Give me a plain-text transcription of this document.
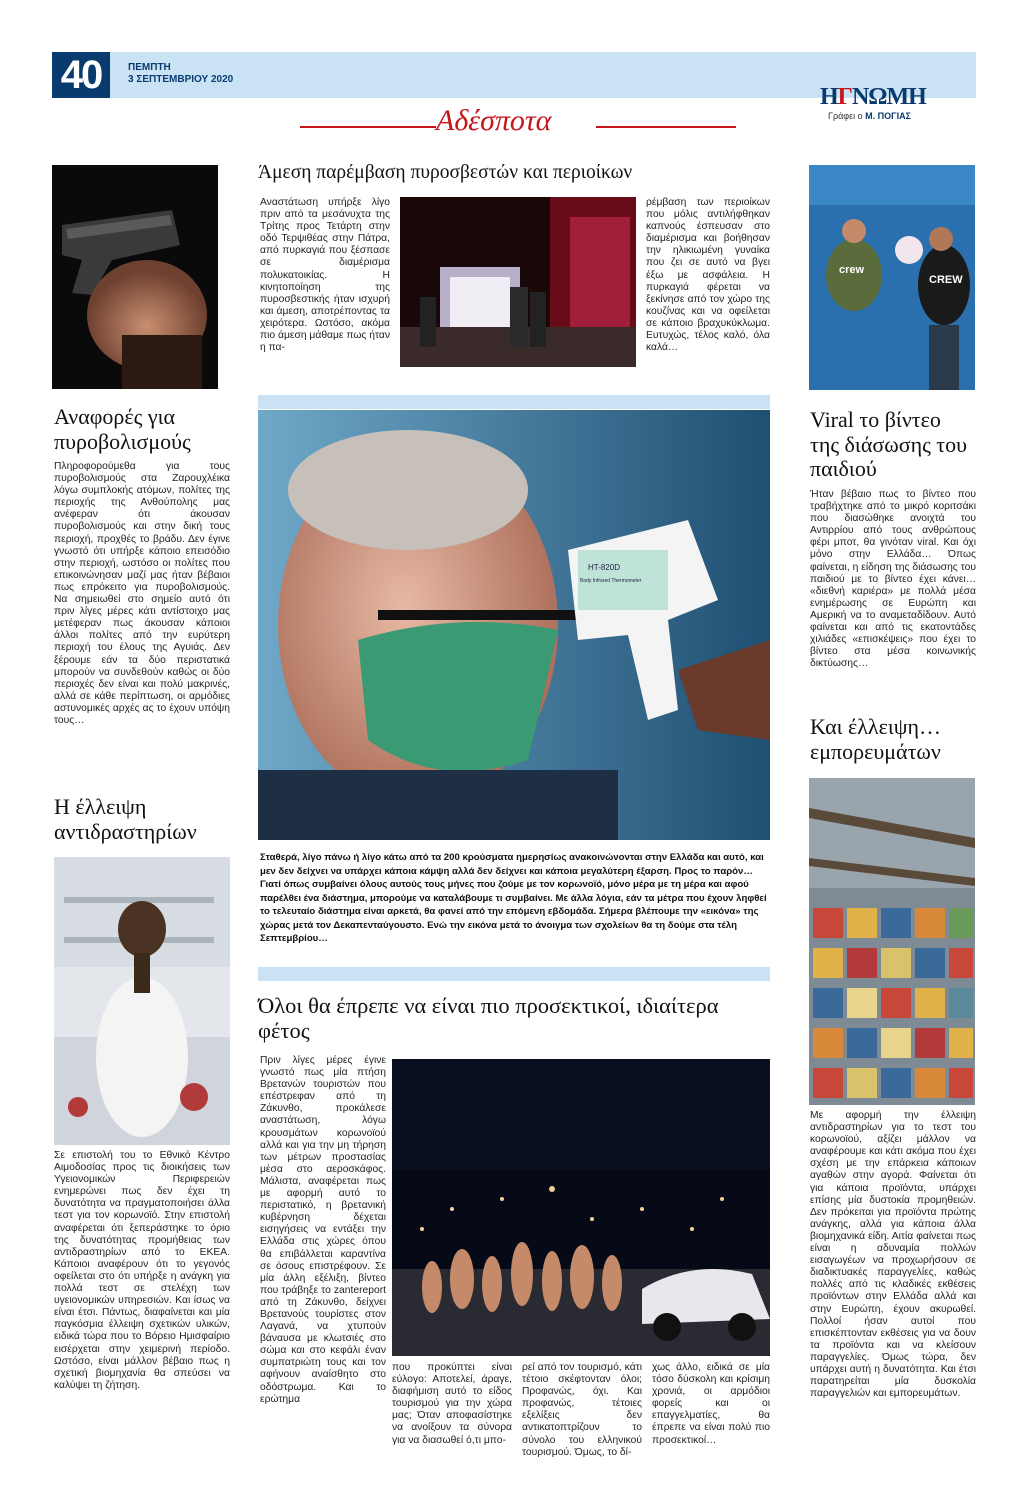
40	ΠΕΜΠΤΗ
3 ΣΕΠΤΕΜΒΡΙΟΥ 2020
ΗΓΝΩΜΗ
Γράφει ο Μ. ΠΟΓΙΑΣ
Αδέσποτα
Αναφορές για πυροβολισμούς
Πληροφορούμεθα για τους πυροβολισμούς στα Ζαρουχλέικα λόγω συμπλοκής ατόμων, πολίτες της περιοχής της Ανθούπολης μας ανέφεραν ότι άκουσαν πυροβολισμούς και στην δική τους περιοχή, προχθές το βράδυ. Δεν έγινε γνωστό ότι υπήρξε κάποιο επεισόδιο στην περιοχή, ωστόσο οι πολίτες που επικοινώνησαν μαζί μας ήταν βέβαιοι πως επρόκειτο για πυροβολισμούς. Να σημειωθεί στο σημείο αυτό ότι πριν λίγες μέρες κάτι αντίστοιχο μας μετέφεραν πως άκουσαν κάποιοι άλλοι πολίτες από την ευρύτερη περιοχή του έλους της Αγυιάς. Δεν ξέρουμε εάν τα δύο περιστατικά μπορούν να συνδεθούν καθώς οι δύο περιοχές δεν είναι και πολύ μακρινές, αλλά σε κάθε περίπτωση, οι αρμόδιες αστυνομικές αρχές ας το έχουν υπόψη τους…
Η έλλειψη αντιδραστηρίων
Σε επιστολή του το Εθνικό Κέντρο Αιμοδοσίας προς τις διοικήσεις των Υγειονομικών Περιφερειών ενημερώνει πως δεν έχει τη δυνατότητα να πραγματοποιήσει άλλα τεστ για τον κορωνοϊό. Στην επιστολή αναφέρεται ότι ξεπεράστηκε το όριο της δυνατότητας προμήθειας των αντιδραστηρίων από το ΕΚΕΑ. Κάποιοι αναφέρουν ότι το γεγονός οφείλεται στο ότι υπήρξε η ανάγκη για πολλά τεστ σε στελέχη των υγειονομικών υπηρεσιών. Και ίσως να είναι έτσι. Πάντως, διαφαίνεται και μία παγκόσμια έλλειψη σχετικών υλικών, ειδικά τώρα που το Βόρειο Ημισφαίριο εισέρχεται στην χειμερινή περίοδο. Ωστόσο, είναι μάλλον βέβαιο πως η σχετική βιομηχανία θα σπεύσει να καλύψει τη ζήτηση.
Άμεση παρέμβαση πυροσβεστών και περιοίκων
Αναστάτωση υπήρξε λίγο πριν από τα μεσάνυχτα της Τρίτης προς Τετάρτη στην οδό Τερψιθέας στην Πάτρα, από πυρκαγιά που ξέσπασε σε διαμέρισμα πολυκατοικίας. Η κινητοποίηση της πυροσβεστικής ήταν ισχυρή και άμεση, αποτρέποντας τα χειρότερα. Ωστόσο, ακόμα πιο άμεση μάθαμε πως ήταν η πα-
ρέμβαση των περιοίκων που μόλις αντιλήφθηκαν καπνούς έσπευσαν στο διαμέρισμα και βοήθησαν την ηλικιωμένη γυναίκα που ζει σε αυτό να βγει έξω με ασφάλεια. Η πυρκαγιά φέρεται να ξεκίνησε από τον χώρο της κουζίνας και να οφείλεται σε κάποιο βραχυκύκλωμα. Ευτυχώς, τέλος καλό, όλα καλά…
crew
CREW
Viral το βίντεο της διάσωσης του παιδιού
Ήταν βέβαιο πως το βίντεο που τραβήχτηκε από το μικρό κοριτσάκι που διασώθηκε ανοιχτά του Αντιρρίου από τους ανθρώπους φέρι μποτ, θα γινόταν viral. Και όχι μόνο στην Ελλάδα… Όπως φαίνεται, η είδηση της διάσωσης του παιδιού με το βίντεο έχει κάνει… «διεθνή καριέρα» με πολλά μέσα ενημέρωσης σε Ευρώπη και Αμερική να το αναμεταδίδουν. Αυτό φαίνεται και από τις εκατοντάδες χιλιάδες «επισκέψεις» που έχει το βίντεο στα μέσα κοινωνικής δικτύωσης…
Και έλλειψη… εμπορευμάτων
Με αφορμή την έλλειψη αντιδραστηρίων για το τεστ του κορωνοϊού, αξίζει μάλλον να αναφέρουμε και κάτι ακόμα που έχει σχέση με την επάρκεια κάποιων αγαθών στην αγορά. Φαίνεται ότι για κάποια προϊόντα, υπάρχει επίσης μία δυστοκία προμηθειών. Δεν πρόκειται για προϊόντα πρώτης ανάγκης, αλλά για κάποια άλλα βιομηχανικά είδη. Αιτία φαίνεται πως είναι η αδυναμία πολλών εισαγωγέων να προχωρήσουν σε διαδικτυακές παραγγελίες, καθώς πολλές από τις κλαδικές εκθέσεις προϊόντων στην Ελλάδα αλλά και στην Ευρώπη, έχουν ακυρωθεί. Πολλοί ήσαν αυτοί που επισκέπτονταν εκθέσεις για να δουν τα προϊόντα και να κλείσουν παραγγελίες. Όμως τώρα, δεν υπάρχει αυτή η δυνατότητα. Και έτσι παρατηρείται μία δυσκολία παραγγελιών και εμπορευμάτων.
HT-820D
Body Infrared Thermometer
Σταθερά, λίγο πάνω ή λίγο κάτω από τα 200 κρούσματα ημερησίως ανακοινώνονται στην Ελλάδα και αυτό, και μεν δεν δείχνει να υπάρχει κάποια κάμψη αλλά δεν δείχνει και κάποια μεγαλύτερη έξαρση. Προς το παρόν… Γιατί όπως συμβαίνει όλους αυτούς τους μήνες που ζούμε με τον κορωνοϊό, μόνο μέρα με τη μέρα και αφού παρέλθει ένα διάστημα, μπορούμε να καταλάβουμε τι συμβαίνει. Με άλλα λόγια, εάν τα μέτρα που έχουν ληφθεί το τελευταίο διάστημα είναι αρκετά, θα φανεί από την επόμενη εβδομάδα. Σήμερα βλέπουμε την «εικόνα» της χώρας μετά τον Δεκαπενταύγουστο. Ενώ την εικόνα μετά το άνοιγμα των σχολείων θα τη δούμε στα τέλη Σεπτεμβρίου…
Όλοι θα έπρεπε να είναι πιο προσεκτικοί, ιδιαίτερα φέτος
Πριν λίγες μέρες έγινε γνωστό πως μία πτήση Βρετανών τουριστών που επέστρεφαν από τη Ζάκυνθο, προκάλεσε αναστάτωση, λόγω κρουσμάτων κορωνοϊού αλλά και για την μη τήρηση των μέτρων προστασίας μέσα στο αεροσκάφος. Μάλιστα, αναφέρεται πως με αφορμή αυτό το περιστατικό, η βρετανική κυβέρνηση δέχεται εισηγήσεις να εντάξει την Ελλάδα στις χώρες όπου θα επιβάλλεται καραντίνα σε όσους επιστρέφουν. Σε μία άλλη εξέλιξη, βίντεο που τράβηξε το zantereport από τη Ζάκυνθο, δείχνει Βρετανούς τουρίστες στον Λαγανά, να χτυπούν βάναυσα με κλωτσιές στο σώμα και στο κεφάλι έναν συμπατριώτη τους και τον αφήνουν αναίσθητο στο οδόστρωμα. Και το ερώτημα
που προκύπτει είναι εύλογο: Αποτελεί, άραγε, διαφήμιση αυτό το είδος τουρισμού για την χώρα μας; Όταν αποφασίστηκε να ανοίξουν τα σύνορα για να διασωθεί ό,τι μπο-
ρεί από τον τουρισμό, κάτι τέτοιο σκέφτονταν όλοι; Προφανώς, όχι. Και προφανώς, τέτοιες εξελίξεις δεν αντικατοπτρίζουν το σύνολο του ελληνικού τουρισμού. Όμως, το δί-
χως άλλο, ειδικά σε μία τόσο δύσκολη και κρίσιμη χρονιά, οι αρμόδιοι φορείς και οι επαγγελματίες, θα έπρεπε να είναι πολύ πιο προσεκτικοί…
